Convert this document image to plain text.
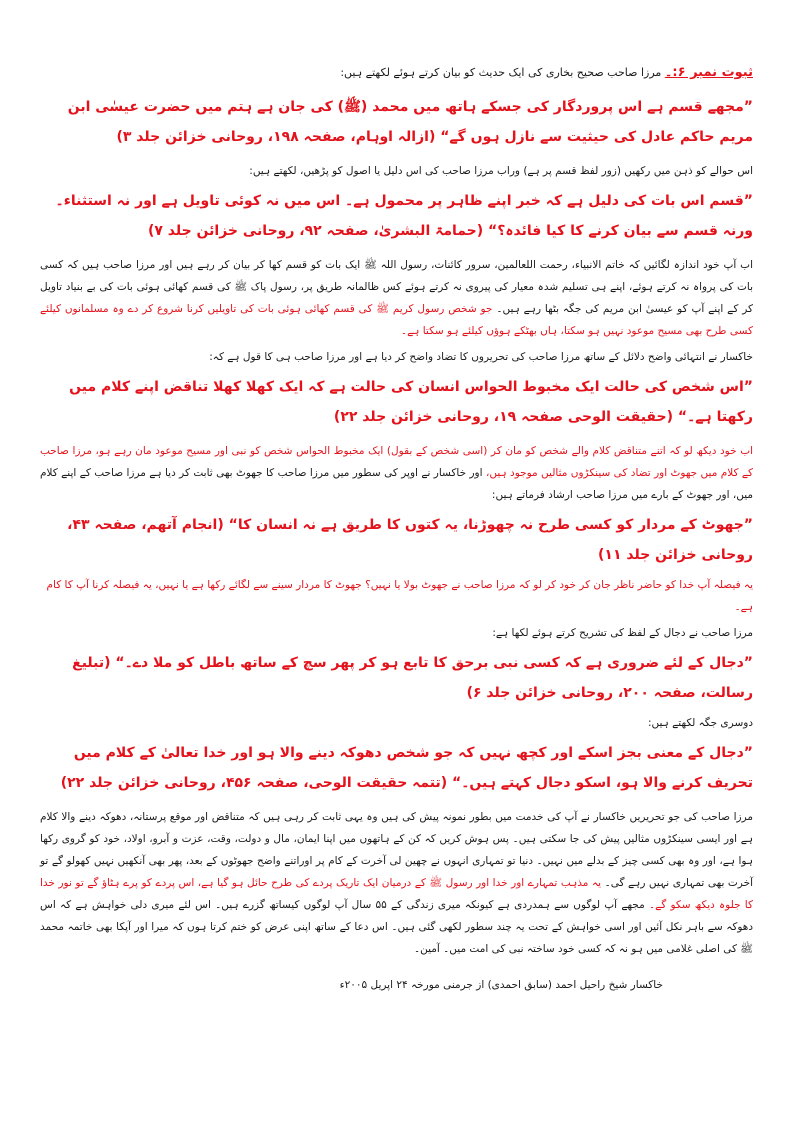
ثبوت نمبر ۶:۔ مرزا صاحب صحیح بخاری کی ایک حدیث کو بیان کرتے ہوئے لکھتے ہیں:

”مجھے قسم ہے اس پروردگار کی جسکے ہاتھ میں محمد (ﷺ) کی جان ہے ہتم میں حضرت عیسٰی ابن مریم حاکم عادل کی حیثیت سے نازل ہوں گے“ (ازالہ اوہام، صفحہ ۱۹۸، روحانی خزائن جلد ۳)

اس حوالے کو ذہن میں رکھیں (زور لفظ قسم پر ہے) وراب مرزا صاحب کی اس دلیل یا اصول کو پڑھیں، لکھتے ہیں:

”قسم اس بات کی دلیل ہے کہ خبر اپنے ظاہر پر محمول ہے۔ اس میں نہ کوئی تاویل ہے اور نہ استثناء۔ ورنہ قسم سے بیان کرنے کا کیا فائدہ؟“ (حمامۃ البشریٰ، صفحہ ۹۲، روحانی خزائن جلد ۷)

اب آپ خود اندازہ لگائیں کہ خاتم الانبیاء، رحمت اللعالمین، سرور کائنات، رسول اللہ ﷺ ایک بات کو قسم کھا کر بیان کر رہے ہیں اور مرزا صاحب ہیں کہ کسی بات کی پرواہ نہ کرتے ہوئے، اپنے ہی تسلیم شدہ معیار کی پیروی نہ کرتے ہوئے کس ظالمانہ طریق پر، رسول پاک ﷺ کی قسم کھائی ہوئی بات کی بے بنیاد تاویل کر کے اپنے آپ کو عیسیٰ ابن مریم کی جگہ بٹھا رہے ہیں۔ جو شخص رسول کریم ﷺ کی قسم کھائی ہوئی بات کی تاویلیں کرنا شروع کر دے وہ مسلمانوں کیلئے کسی طرح بھی مسیح موعود نہیں ہو سکتا، ہاں بھٹکے ہوؤں کیلئے ہو سکتا ہے۔

خاکسار نے انتہائی واضح دلائل کے ساتھ مرزا صاحب کی تحریروں کا تضاد واضح کر دیا ہے اور مرزا صاحب ہی کا قول ہے کہ:

”اس شخص کی حالت ایک مخبوط الحواس انسان کی حالت ہے کہ ایک کھلا کھلا تناقض اپنے کلام میں رکھتا ہے۔“ (حقیقت الوحی صفحہ ۱۹، روحانی خزائن جلد ۲۲)

اب خود دیکھ لو کہ اتنے متناقض کلام والے شخص کو مان کر (اسی شخص کے بقول) ایک مخبوط الحواس شخص کو نبی اور مسیح موعود مان رہے ہو، مرزا صاحب کے کلام میں جھوٹ اور تضاد کی سینکڑوں مثالیں موجود ہیں، اور خاکسار نے اوپر کی سطور میں مرزا صاحب کا جھوٹ بھی ثابت کر دیا ہے مرزا صاحب کے اپنے کلام میں، اور جھوٹ کے بارے میں مرزا صاحب ارشاد فرماتے ہیں:

”جھوٹ کے مردار کو کسی طرح نہ چھوڑنا، یہ کتوں کا طریق ہے نہ انسان کا“ (انجام آتھم، صفحہ ۴۳، روحانی خزائن جلد ۱۱)

یہ فیصلہ آپ خدا کو حاضر ناظر جان کر خود کر لو کہ مرزا صاحب نے جھوٹ بولا یا نہیں؟ جھوٹ کا مردار سینے سے لگائے رکھا ہے یا نہیں، یہ فیصلہ کرنا آپ کا کام ہے۔

مرزا صاحب نے دجال کے لفظ کی تشریح کرتے ہوئے لکھا ہے:

”دجال کے لئے ضروری ہے کہ کسی نبی برحق کا تابع ہو کر پھر سچ کے ساتھ باطل کو ملا دے۔“ (تبلیغ رسالت، صفحہ ۲۰۰، روحانی خزائن جلد ۶)

دوسری جگہ لکھتے ہیں:

”دجال کے معنی بجز اسکے اور کچھ نہیں کہ جو شخص دھوکہ دینے والا ہو اور خدا تعالیٰ کے کلام میں تحریف کرنے والا ہو، اسکو دجال کہتے ہیں۔“ (تتمہ حقیقت الوحی، صفحہ ۴۵۶، روحانی خزائن جلد ۲۲)

مرزا صاحب کی جو تحریریں خاکسار نے آپ کی خدمت میں بطور نمونہ پیش کی ہیں وہ یہی ثابت کر رہی ہیں کہ متناقض اور موقع پرستانہ، دھوکہ دینے والا کلام ہے اور ایسی سینکڑوں مثالیں پیش کی جا سکتی ہیں۔ پس ہوش کریں کہ کن کے ہاتھوں میں اپنا ایمان، مال و دولت، وقت، عزت و آبرو، اولاد، خود کو گروی رکھا ہوا ہے، اور وہ بھی کسی چیز کے بدلے میں نہیں۔ دنیا تو تمہاری انہوں نے چھین لی آخرت کے کام پر اوراتنے واضح جھوٹوں کے بعد، پھر بھی آنکھیں نہیں کھولو گے تو آخرت بھی تمہاری نہیں رہے گی۔ یہ مذہب تمہارے اور خدا اور رسول ﷺ کے درمیان ایک تاریک پردے کی طرح حائل ہو گیا ہے، اس پردے کو پرے ہٹاؤ گے تو نور خدا کا جلوہ دیکھ سکو گے۔ مجھے آپ لوگوں سے ہمدردی ہے کیونکہ میری زندگی کے ۵۵ سال آپ لوگوں کیساتھ گزرے ہیں۔ اس لئے میری دلی خواہش ہے کہ اس دھوکہ سے باہر نکل آئیں اور اسی خواہش کے تحت یہ چند سطور لکھی گئی ہیں۔ اس دعا کے ساتھ اپنی عرض کو ختم کرتا ہوں کہ میرا اور آپکا بھی خاتمہ محمد ﷺ کی اصلی غلامی میں ہو نہ کہ کسی خود ساختہ نبی کی امت میں۔ آمین۔

خاکسار شیخ راحیل احمد (سابق احمدی) از جرمنی مورخہ ۲۴ اپریل ۲۰۰۵ء
